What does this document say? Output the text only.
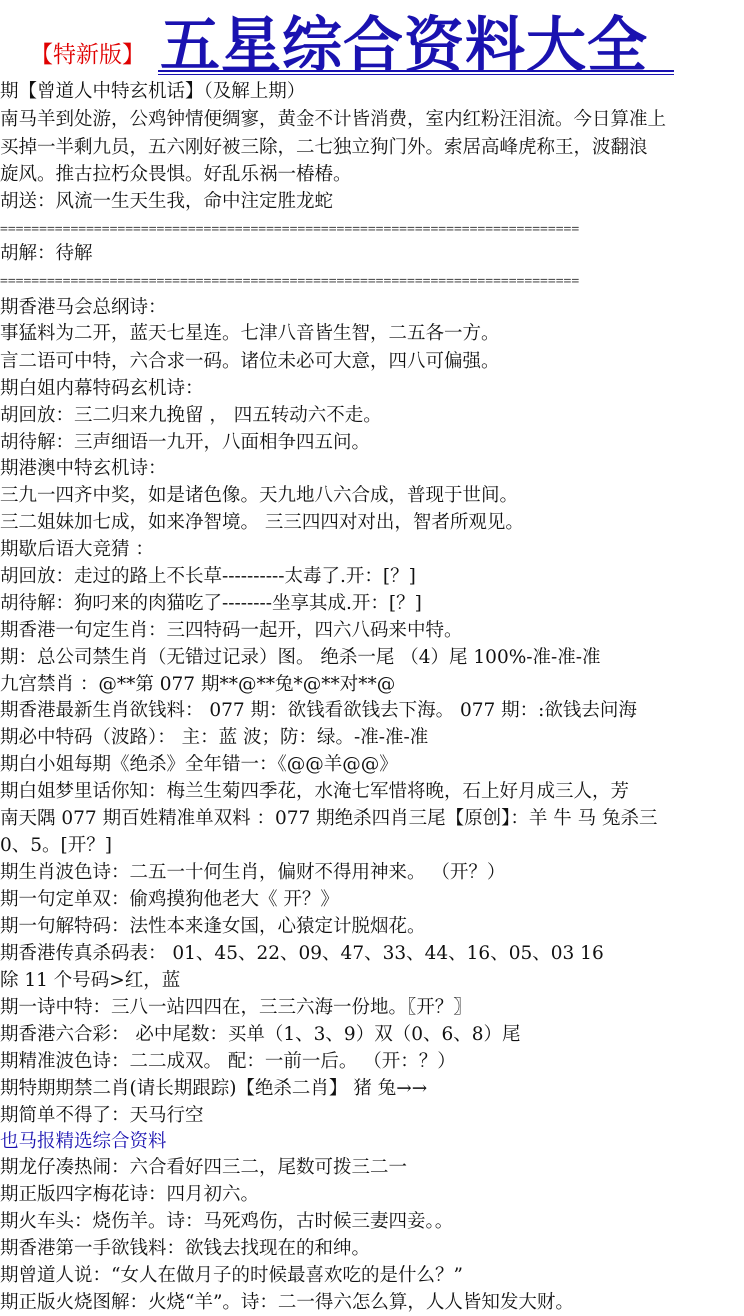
【特新版】 五星综合资料大全
期【曾道人中特玄机话】（及解上期）
南马羊到处游，公鸡钟情便绸寥，黄金不计皆消费，室内红粉汪泪流。今日算准上
买掉一半剩九员，五六刚好被三除，二七独立狗门外。索居高峰虎称王，波翻浪
旋风。推古拉朽众畏惧。好乱乐祸一椿椿。
胡送：风流一生天生我，命中注定胜龙蛇
==========================================================================
胡解：待解
==========================================================================
期香港马会总纲诗：
事猛料为二开，蓝天七星连。七津八音皆生智，二五各一方。
言二语可中特，六合求一码。诸位未必可大意，四八可偏强。
期白姐内幕特码玄机诗：
胡回放：三二归来九挽留 ， 四五转动六不走。
胡待解：三声细语一九开，八面相争四五问。
期港澳中特玄机诗：
三九一四齐中奖，如是诸色像。天九地八六合成，普现于世间。
三二姐妹加七成，如来净智境。 三三四四对对出，智者所观见。
期歇后语大竞猜 ：
胡回放：走过的路上不长草----------太毒了.开：[？]
胡待解：狗叼来的肉猫吃了--------坐享其成.开：[？]
期香港一句定生肖：三四特码一起开，四六八码来中特。
期：总公司禁生肖（无错过记录）图。 绝杀一尾 （4）尾 100%-准-准-准
九宫禁肖 ：@**第 077 期**@**兔*@**对**@
期香港最新生肖欲钱料： 077 期：欲钱看欲钱去下海。 077 期：:欲钱去问海
期必中特码（波路）： 主：蓝 波；防：绿。-准-准-准
期白小姐每期《绝杀》全年错一：《@@羊@@》
期白姐梦里话你知：梅兰生菊四季花，水淹七军惜将晚，石上好月成三人，芳
南天隅 077 期百姓精准单双料 ：077 期绝杀四肖三尾【原创】：羊 牛 马 兔杀三
0、5。[开？]
期生肖波色诗：二五一十何生肖，偏财不得用神来。 （开？）
期一句定单双：偷鸡摸狗他老大《 开？》
期一句解特码：法性本来逢女国，心猿定计脱烟花。
期香港传真杀码表： 01、45、22、09、47、33、44、16、05、03 16
除 11 个号码>红，蓝
期一诗中特：三八一站四四在，三三六海一份地。〖开？〗
期香港六合彩： 必中尾数：买单（1、3、9）双（0、6、8）尾
期精准波色诗：二二成双。 配：一前一后。 （开：？）
期特期期禁二肖(请长期跟踪)【绝杀二肖】 猪 兔→→
期简单不得了：天马行空
也马报精选综合资料
期龙仔凑热闹：六合看好四三二，尾数可拨三二一
期正版四字梅花诗：四月初六。
期火车头：烧伤羊。诗：马死鸡伤，古时候三妻四妾。。
期香港第一手欲钱料：欲钱去找现在的和绅。
期曾道人说：“女人在做月子的时候最喜欢吃的是什么？”
期正版火烧图解：火烧“羊”。诗：二一得六怎么算，人人皆知发大财。
